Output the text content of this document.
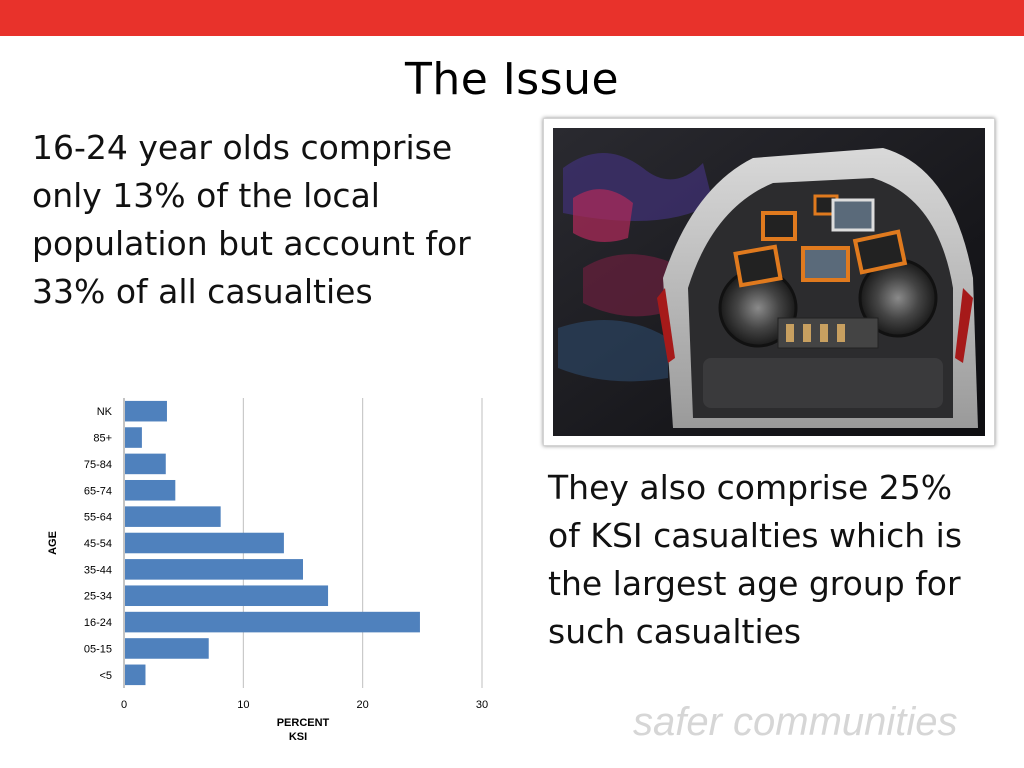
The Issue
16-24 year olds comprise only 13% of the local population but account for 33% of all casualties
They also comprise 25% of KSI casualties which is the largest age group for such casualties
NK
85+
75-84
65-74
55-64
45-54
35-44
25-34
16-24
05-15
<5
0	10	20	30
AGE
PERCENT
KSI	safer communities
